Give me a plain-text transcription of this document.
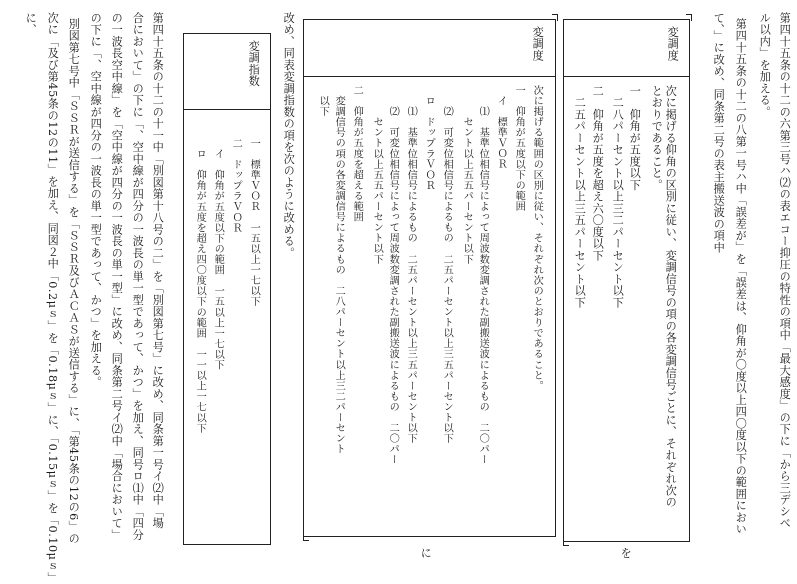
第四十五条の十二の六第三号ハ⑵の表エコー抑圧の特性の項中「最大感度」の下に「から三デシベ
ル以内」を加える。
第四十五条の十二の八第一号ハ中「誤差が」を「誤差は、仰角が〇度以上四〇度以下の範囲におい
て、」に改め、同条第二号の表主搬送波の項中
変調度
次に掲げる仰角の区別に従い、変調信号の項の各変調信号ごとに、それぞれ次の
とおりであること。
一　仰角が五度以下
　二八パーセント以上三二パーセント以下
二　仰角が五度を超え六〇度以下
　二五パーセント以上三五パーセント以下
を
変調度
次に掲げる範囲の区別に従い、それぞれ次のとおりであること。
一　仰角が五度以下の範囲
　イ　標準ＶＯＲ
　　⑴　基準位相信号によって周波数変調された副搬送波によるもの　二〇パー
　　　セント以上五五パーセント以下
　　⑵　可変位相信号によるもの　二五パーセント以上三五パーセント以下
　ロ　ドップラＶＯＲ
　　⑴　基準位相信号によるもの　二五パーセント以上三五パーセント以下
　　⑵　可変位相信号によって周波数変調された副搬送波によるもの　二〇パー
　　　セント以上五五パーセント以下
二　仰角が五度を超える範囲
　変調信号の項の各変調信号によるもの　二八パーセント以上三二パーセント
　以下
に
改め、同表変調指数の項を次のように改める。
変調指数
一　標準ＶＯＲ　一五以上一七以下
二　ドップラＶＯＲ
　イ　仰角が五度以下の範囲　一五以上一七以下
　ロ　仰角が五度を超え四〇度以下の範囲　一一以上一七以下
第四十五条の十二の十一中「別図第十八号の二」を「別図第七号」に改め、同条第一号イ⑵中「場
合において」の下に「、空中線が四分の一波長の単一型であって、かつ」を加え、同号ロ⑴中「四分
の一波長空中線」を「空中線が四分の一波長の単一型」に改め、同条第二号イ⑵中「場合において」
の下に「、空中線が四分の一波長の単一型であって、かつ」を加える。
別図第七号中「ＳＳＲが送信する」を「ＳＳＲ及びＡＣＡＳが送信する」に、「第45条の12の6」の
次に「及び第45条の12の11」を加え、同図２中「0.2μｓ」を「0.18μｓ」に、「0.15μｓ」を「0.10μｓ」
に、
